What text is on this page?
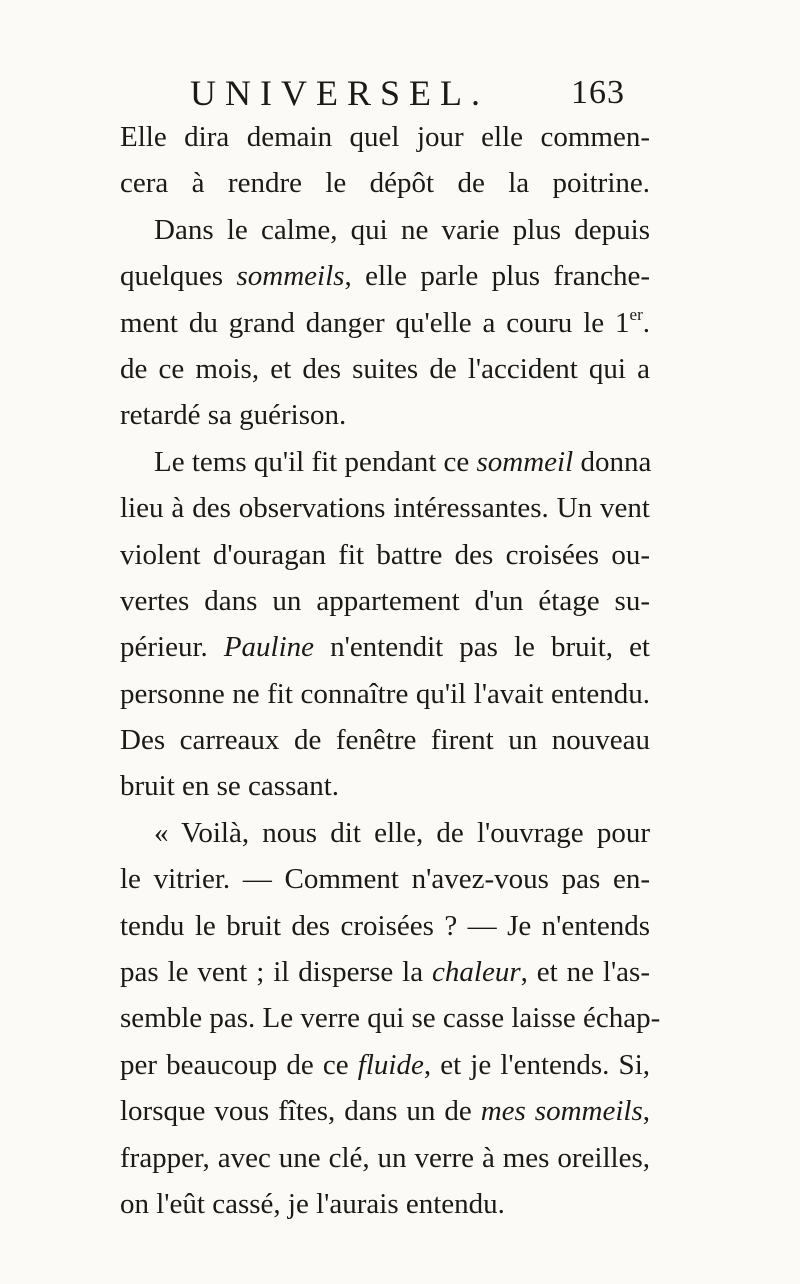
UNIVERSEL. 163
Elle dira demain quel jour elle commen-
cera à rendre le dépôt de la poitrine.
Dans le calme, qui ne varie plus depuis
quelques sommeils, elle parle plus franche-
ment du grand danger qu'elle a couru le 1er.
de ce mois, et des suites de l'accident qui a
retardé sa guérison.
Le tems qu'il fit pendant ce sommeil donna
lieu à des observations intéressantes. Un vent
violent d'ouragan fit battre des croisées ou-
vertes dans un appartement d'un étage su-
périeur. Pauline n'entendit pas le bruit, et
personne ne fit connaître qu'il l'avait entendu.
Des carreaux de fenêtre firent un nouveau
bruit en se cassant.
« Voilà, nous dit elle, de l'ouvrage pour
le vitrier. — Comment n'avez-vous pas en-
tendu le bruit des croisées ? — Je n'entends
pas le vent ; il disperse la chaleur, et ne l'as-
semble pas. Le verre qui se casse laisse échap-
per beaucoup de ce fluide, et je l'entends. Si,
lorsque vous fîtes, dans un de mes sommeils,
frapper, avec une clé, un verre à mes oreilles,
on l'eût cassé, je l'aurais entendu.
